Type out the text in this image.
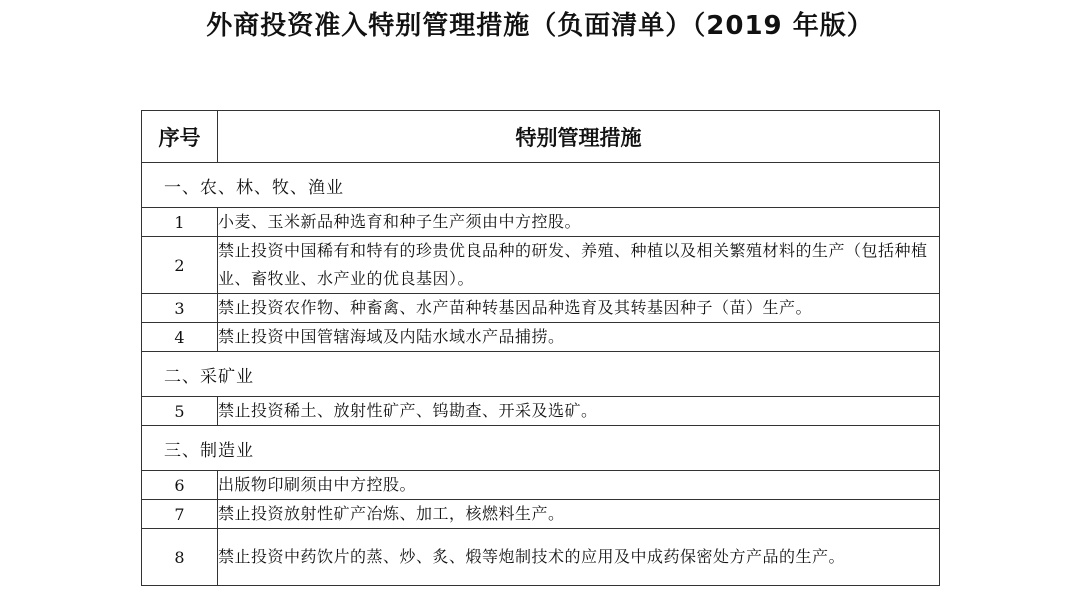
外商投资准入特别管理措施（负面清单）（2019 年版）
序号	特别管理措施
一、农、林、牧、渔业	
1	小麦、玉米新品种选育和种子生产须由中方控股。
2	禁止投资中国稀有和特有的珍贵优良品种的研发、养殖、种植以及相关繁殖材料的生产（包括种植业、畜牧业、水产业的优良基因）。
3	禁止投资农作物、种畜禽、水产苗种转基因品种选育及其转基因种子（苗）生产。
4	禁止投资中国管辖海域及内陆水域水产品捕捞。
二、采矿业	
5	禁止投资稀土、放射性矿产、钨勘查、开采及选矿。
三、制造业	
6	出版物印刷须由中方控股。
7	禁止投资放射性矿产冶炼、加工，核燃料生产。
8	禁止投资中药饮片的蒸、炒、炙、煅等炮制技术的应用及中成药保密处方产品的生产。
